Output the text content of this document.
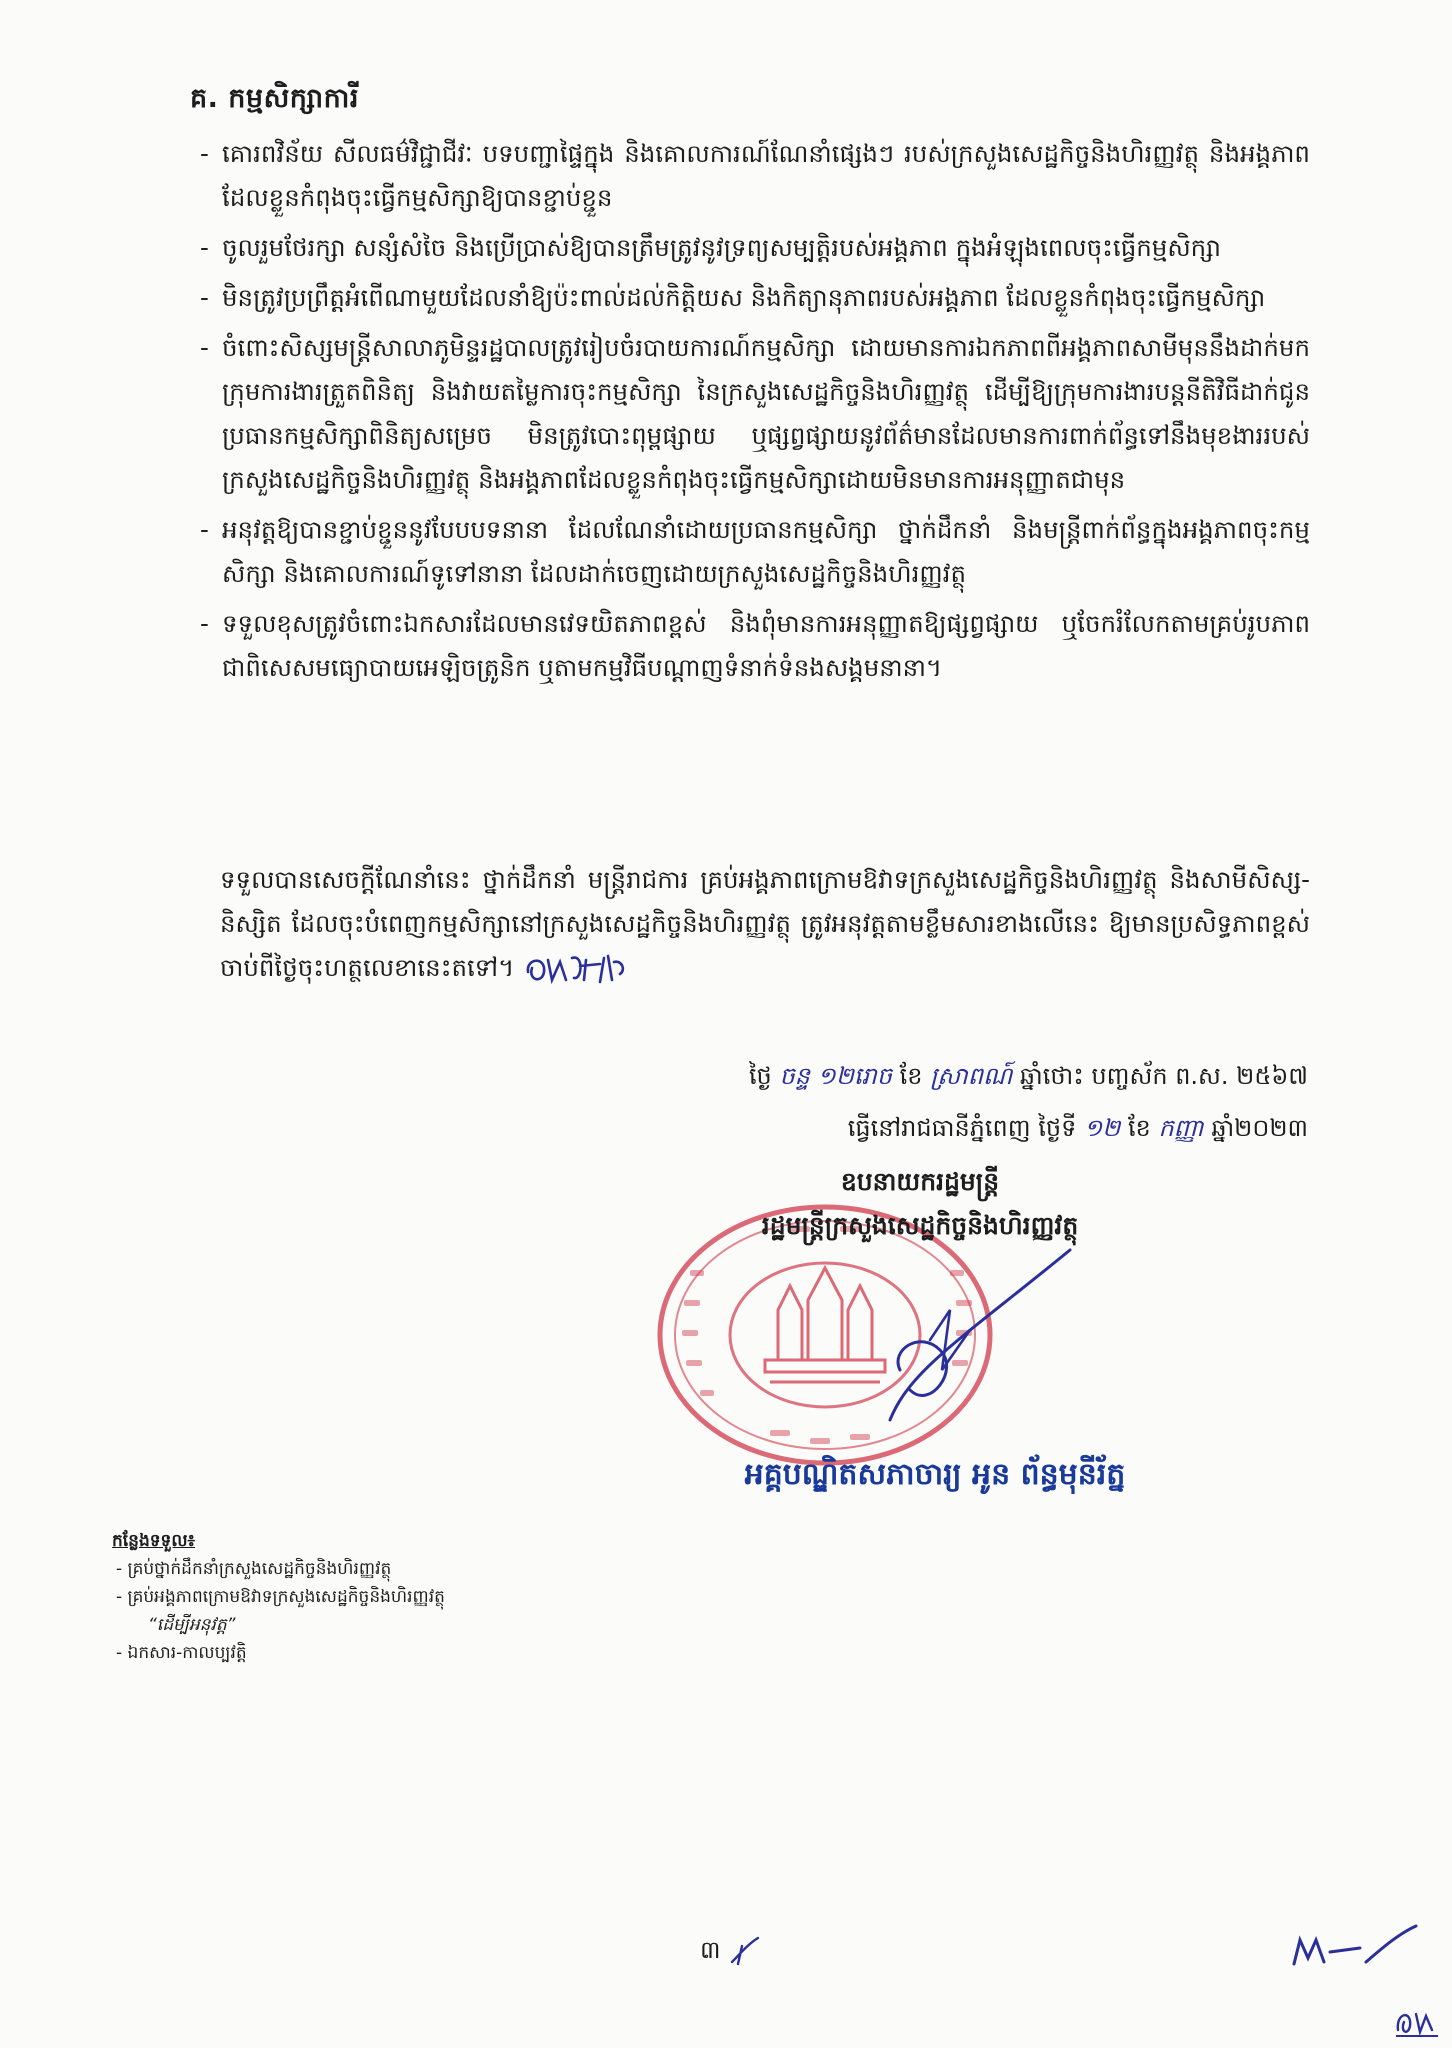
គ. កម្មសិក្សាការី
- គោរពវិន័យ សីលធម៌វិជ្ជាជីវៈ បទបញ្ជាផ្ទៃក្នុង និងគោលការណ៍ណែនាំផ្សេងៗ របស់ក្រសួងសេដ្ឋកិច្ចនិងហិរញ្ញវត្ថុ និងអង្គភាពដែលខ្លួនកំពុងចុះធ្វើកម្មសិក្សាឱ្យបានខ្ជាប់ខ្ជួន
- ចូលរួមថែរក្សា សន្សំសំចៃ និងប្រើប្រាស់ឱ្យបានត្រឹមត្រូវនូវទ្រព្យសម្បត្តិរបស់អង្គភាព ក្នុងអំឡុងពេលចុះធ្វើកម្មសិក្សា
- មិនត្រូវប្រព្រឹត្តអំពើណាមួយដែលនាំឱ្យប៉ះពាល់ដល់កិត្តិយស និងកិត្យានុភាពរបស់អង្គភាព ដែលខ្លួនកំពុងចុះធ្វើកម្មសិក្សា
- ចំពោះសិស្សមន្ត្រីសាលាភូមិន្ទរដ្ឋបាលត្រូវរៀបចំរបាយការណ៍កម្មសិក្សា ដោយមានការឯកភាពពីអង្គភាពសាមីមុននឹងដាក់មកក្រុមការងារត្រួតពិនិត្យ និងវាយតម្លៃការចុះកម្មសិក្សា នៃក្រសួងសេដ្ឋកិច្ចនិងហិរញ្ញវត្ថុ ដើម្បីឱ្យក្រុមការងារបន្តនីតិវិធីដាក់ជូនប្រធានកម្មសិក្សាពិនិត្យសម្រេច មិនត្រូវបោះពុម្ពផ្សាយ ឬផ្សព្វផ្សាយនូវព័ត៌មានដែលមានការពាក់ព័ន្ធទៅនឹងមុខងាររបស់ក្រសួងសេដ្ឋកិច្ចនិងហិរញ្ញវត្ថុ និងអង្គភាពដែលខ្លួនកំពុងចុះធ្វើកម្មសិក្សាដោយមិនមានការអនុញ្ញាតជាមុន
- អនុវត្តឱ្យបានខ្ជាប់ខ្ជួននូវបែបបទនានា ដែលណែនាំដោយប្រធានកម្មសិក្សា ថ្នាក់ដឹកនាំ និងមន្ត្រីពាក់ព័ន្ធក្នុងអង្គភាពចុះកម្មសិក្សា និងគោលការណ៍ទូទៅនានា ដែលដាក់ចេញដោយក្រសួងសេដ្ឋកិច្ចនិងហិរញ្ញវត្ថុ
- ទទួលខុសត្រូវចំពោះឯកសារដែលមានវេទយិតភាពខ្ពស់ និងពុំមានការអនុញ្ញាតឱ្យផ្សព្វផ្សាយ ឬចែករំលែកតាមគ្រប់រូបភាព ជាពិសេសមធ្យោបាយអេឡិចត្រូនិក ឬតាមកម្មវិធីបណ្ដាញទំនាក់ទំនងសង្គមនានា។
ទទួលបានសេចក្ដីណែនាំនេះ ថ្នាក់ដឹកនាំ មន្ត្រីរាជការ គ្រប់អង្គភាពក្រោមឱវាទក្រសួងសេដ្ឋកិច្ចនិងហិរញ្ញវត្ថុ និងសាមីសិស្ស-និស្សិត ដែលចុះបំពេញកម្មសិក្សានៅក្រសួងសេដ្ឋកិច្ចនិងហិរញ្ញវត្ថុ ត្រូវអនុវត្តតាមខ្លឹមសារខាងលើនេះ ឱ្យមានប្រសិទ្ធភាពខ្ពស់ចាប់ពីថ្ងៃចុះហត្ថលេខានេះតទៅ។
ថ្ងៃ ចន្ទ ១២រោច ខែ ស្រាពណ៍ ឆ្នាំថោះ បញ្ចស័ក ព.ស. ២៥៦៧
ធ្វើនៅរាជធានីភ្នំពេញ ថ្ងៃទី ១២ ខែ កញ្ញា ឆ្នាំ២០២៣
ឧបនាយករដ្ឋមន្ត្រី
រដ្ឋមន្ត្រីក្រសួងសេដ្ឋកិច្ចនិងហិរញ្ញវត្ថុ
អគ្គបណ្ឌិតសភាចារ្យ អូន ព័ន្ធមុនីរ័ត្ន
កន្លែងទទួល៖
- គ្រប់ថ្នាក់ដឹកនាំក្រសួងសេដ្ឋកិច្ចនិងហិរញ្ញវត្ថុ
- គ្រប់អង្គភាពក្រោមឱវាទក្រសួងសេដ្ឋកិច្ចនិងហិរញ្ញវត្ថុ
“ដើម្បីអនុវត្ត”
- ឯកសារ-កាលប្បវត្តិ
៣
